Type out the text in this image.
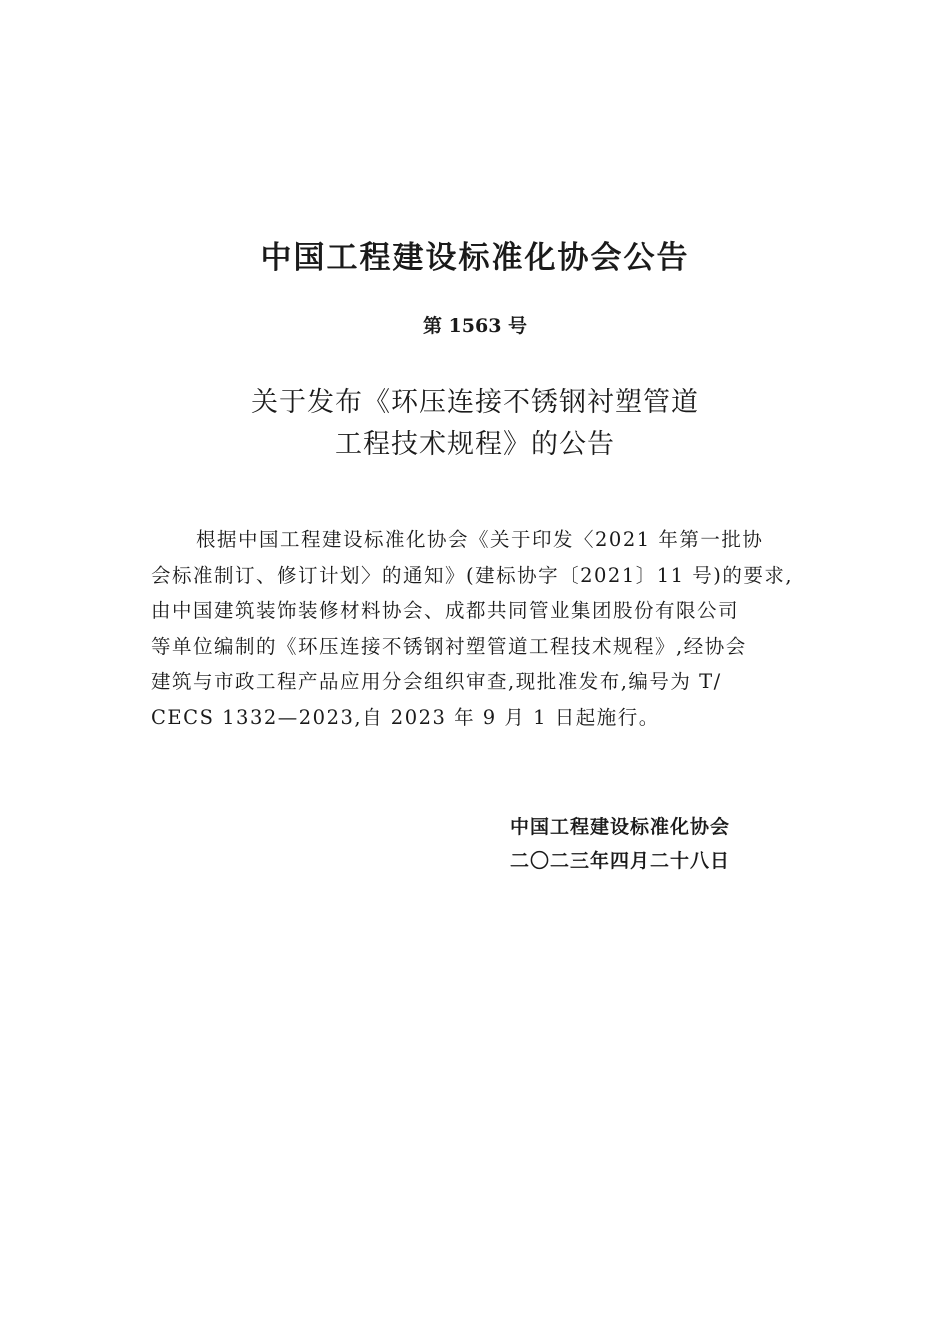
中国工程建设标准化协会公告
第 1563 号
关于发布《环压连接不锈钢衬塑管道
工程技术规程》的公告
根据中国工程建设标准化协会《关于印发〈2021 年第一批协
会标准制订、修订计划〉的通知》(建标协字〔2021〕11 号)的要求,
由中国建筑装饰装修材料协会、成都共同管业集团股份有限公司
等单位编制的《环压连接不锈钢衬塑管道工程技术规程》,经协会
建筑与市政工程产品应用分会组织审查,现批准发布,编号为 T/
CECS 1332—2023,自 2023 年 9 月 1 日起施行。
中国工程建设标准化协会
二〇二三年四月二十八日
